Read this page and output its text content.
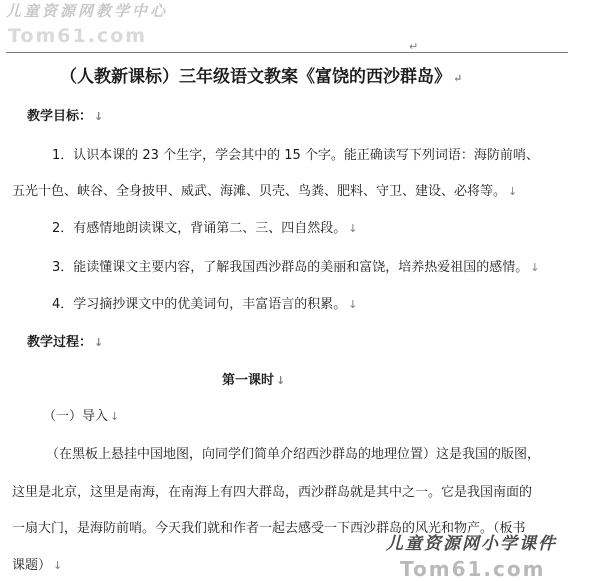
儿童资源网教学中心
Tom61.com	↵
（人教新课标）三年级语文教案《富饶的西沙群岛》 ↵
教学目标： ↓
1．认识本课的 23 个生字，学会其中的 15 个字。能正确读写下列词语：海防前哨、
五光十色、峡谷、全身披甲、威武、海滩、贝壳、鸟粪、肥料、守卫、建设、必将等。 ↓
2．有感情地朗读课文，背诵第二、三、四自然段。 ↓
3．能读懂课文主要内容，了解我国西沙群岛的美丽和富饶，培养热爱祖国的感情。 ↓
4．学习摘抄课文中的优美词句，丰富语言的积累。 ↓
教学过程： ↓
第一课时 ↓
（一）导入 ↓
（在黑板上悬挂中国地图，向同学们简单介绍西沙群岛的地理位置）这是我国的版图，
这里是北京，这里是南海，在南海上有四大群岛，西沙群岛就是其中之一。它是我国南面的
一扇大门，是海防前哨。今天我们就和作者一起去感受一下西沙群岛的风光和物产。（板书
课题） ↓
儿童资源网小学课件
Tom61.com
